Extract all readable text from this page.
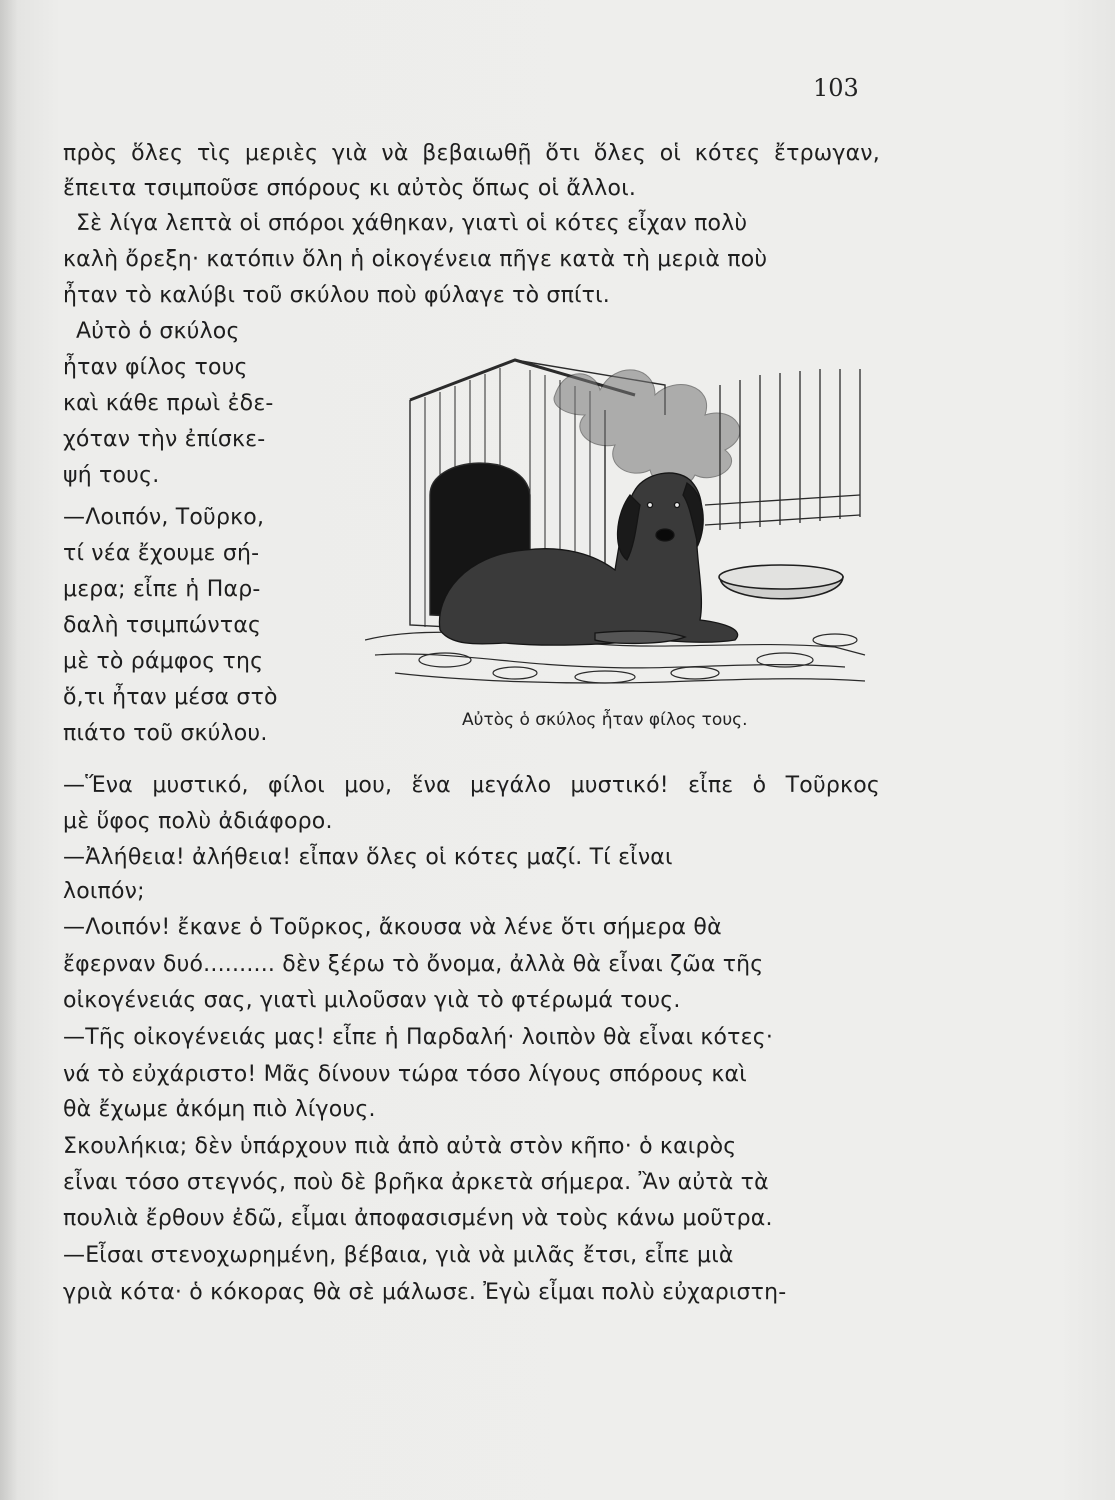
103

πρὸς ὅλες τὶς μεριὲς γιὰ νὰ βεβαιωθῇ ὅτι ὅλες οἱ κότες ἔτρωγαν,

ἔπειτα τσιμποῦσε σπόρους κι αὐτὸς ὅπως οἱ ἄλλοι.

Σὲ λίγα λεπτὰ οἱ σπόροι χάθηκαν, γιατὶ οἱ κότες εἶχαν πολὺ

καλὴ ὄρεξη· κατόπιν ὅλη ἡ οἰκογένεια πῆγε κατὰ τὴ μεριὰ ποὺ

ἦταν τὸ καλύβι τοῦ σκύλου ποὺ φύλαγε τὸ σπίτι.

Αὐτὸ ὁ σκύλος

ἦταν φίλος τους

καὶ κάθε πρωὶ ἐδε-

χόταν τὴν ἐπίσκε-

ψή τους.

—Λοιπόν, Τοῦρκο,

τί νέα ἔχουμε σή-

μερα; εἶπε ἡ Παρ-

δαλὴ τσιμπώντας

μὲ τὸ ράμφος της

ὅ,τι ἦταν μέσα στὸ

πιάτο τοῦ σκύλου.

Αὐτὸς ὁ σκύλος ἦταν φίλος τους.

—Ἕνα μυστικό, φίλοι μου, ἕνα μεγάλο μυστικό! εἶπε ὁ Τοῦρκος

μὲ ὕφος πολὺ ἀδιάφορο.

—Ἀλήθεια! ἀλήθεια! εἶπαν ὅλες οἱ κότες μαζί. Τί εἶναι

λοιπόν;

—Λοιπόν! ἔκανε ὁ Τοῦρκος, ἄκουσα νὰ λένε ὅτι σήμερα θὰ

ἔφερναν δυό.......... δὲν ξέρω τὸ ὄνομα, ἀλλὰ θὰ εἶναι ζῶα τῆς

οἰκογένειάς σας, γιατὶ μιλοῦσαν γιὰ τὸ φτέρωμά τους.

—Τῆς οἰκογένειάς μας! εἶπε ἡ Παρδαλή· λοιπὸν θὰ εἶναι κότες·

νά τὸ εὐχάριστο! Μᾶς δίνουν τώρα τόσο λίγους σπόρους καὶ

θὰ ἔχωμε ἀκόμη πιὸ λίγους.

Σκουλήκια; δὲν ὑπάρχουν πιὰ ἀπὸ αὐτὰ στὸν κῆπο· ὁ καιρὸς

εἶναι τόσο στεγνός, ποὺ δὲ βρῆκα ἀρκετὰ σήμερα. Ἂν αὐτὰ τὰ

πουλιὰ ἔρθουν ἐδῶ, εἶμαι ἀποφασισμένη νὰ τοὺς κάνω μοῦτρα.

—Εἶσαι στενοχωρημένη, βέβαια, γιὰ νὰ μιλᾶς ἔτσι, εἶπε μιὰ

γριὰ κότα· ὁ κόκορας θὰ σὲ μάλωσε. Ἐγὼ εἶμαι πολὺ εὐχαριστη-
